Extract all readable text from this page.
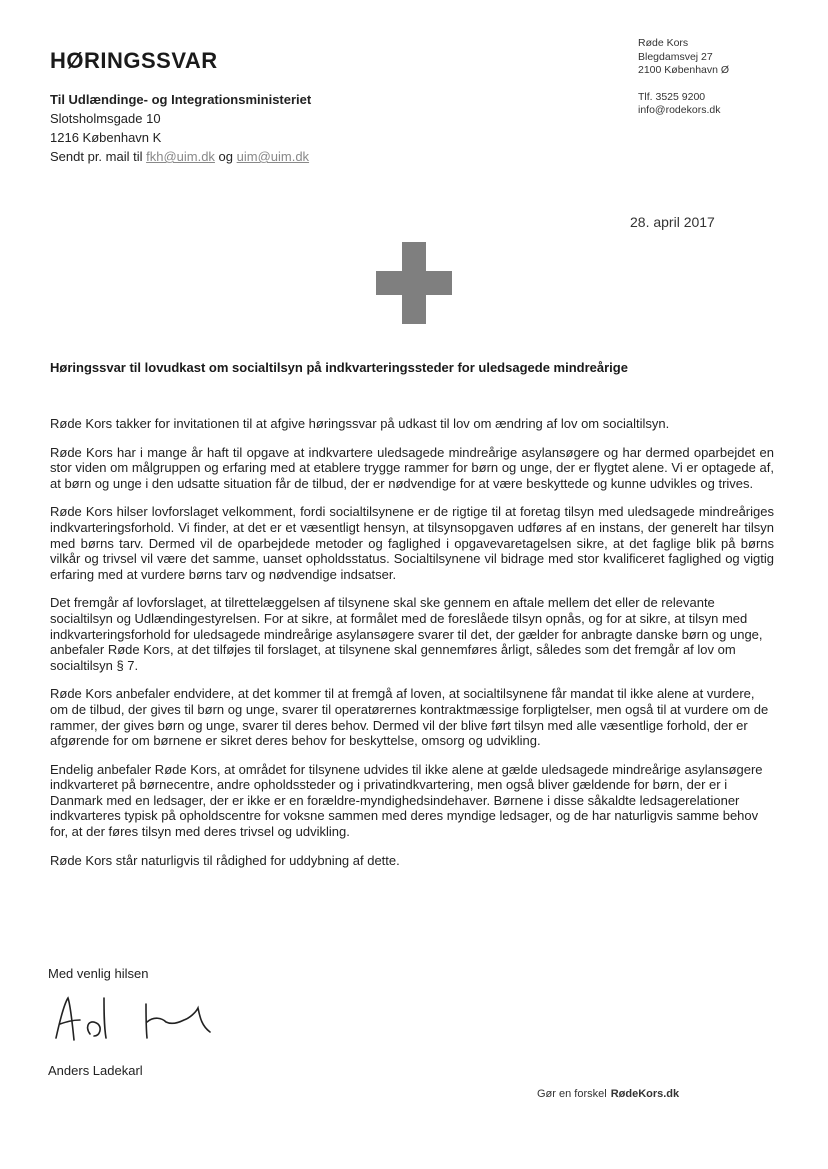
HØRINGSSVAR
Til Udlændinge- og Integrationsministeriet
Slotsholmsgade 10
1216 København K
Sendt pr. mail til fkh@uim.dk og uim@uim.dk
Røde Kors
Blegdamsvej 27
2100 København Ø
Tlf. 3525 9200
info@rodekors.dk
28. april 2017
Høringssvar til lovudkast om socialtilsyn på indkvarteringssteder for uledsagede mindreårige

Røde Kors takker for invitationen til at afgive høringssvar på udkast til lov om ændring af lov om socialtilsyn.

Røde Kors har i mange år haft til opgave at indkvartere uledsagede mindreårige asylansøgere og har dermed oparbejdet en stor viden om målgruppen og erfaring med at etablere trygge rammer for børn og unge, der er flygtet alene. Vi er optagede af, at børn og unge i den udsatte situation får de tilbud, der er nødvendige for at være beskyttede og kunne udvikles og trives.

Røde Kors hilser lovforslaget velkomment, fordi socialtilsynene er de rigtige til at foretag tilsyn med uledsagede mindreåriges indkvarteringsforhold. Vi finder, at det er et væsentligt hensyn, at tilsynsopgaven udføres af en instans, der generelt har tilsyn med børns tarv. Dermed vil de oparbejdede metoder og faglighed i opgavevaretagelsen sikre, at det faglige blik på børns vilkår og trivsel vil være det samme, uanset opholdsstatus. Socialtilsynene vil bidrage med stor kvalificeret faglighed og vigtig erfaring med at vurdere børns tarv og nødvendige indsatser.

Det fremgår af lovforslaget, at tilrettelæggelsen af tilsynene skal ske gennem en aftale mellem det eller de relevante socialtilsyn og Udlændingestyrelsen. For at sikre, at formålet med de foreslåede tilsyn opnås, og for at sikre, at tilsyn med indkvarteringsforhold for uledsagede mindreårige asylansøgere svarer til det, der gælder for anbragte danske børn og unge, anbefaler Røde Kors, at det tilføjes til forslaget, at tilsynene skal gennemføres årligt, således som det fremgår af lov om socialtilsyn § 7.

Røde Kors anbefaler endvidere, at det kommer til at fremgå af loven, at socialtilsynene får mandat til ikke alene at vurdere, om de tilbud, der gives til børn og unge, svarer til operatørernes kontraktmæssige forpligtelser, men også til at vurdere om de rammer, der gives børn og unge, svarer til deres behov. Dermed vil der blive ført tilsyn med alle væsentlige forhold, der er afgørende for om børnene er sikret deres behov for beskyttelse, omsorg og udvikling.

Endelig anbefaler Røde Kors, at området for tilsynene udvides til ikke alene at gælde uledsagede mindreårige asylansøgere indkvarteret på børnecentre, andre opholdssteder og i privatindkvartering, men også bliver gældende for børn, der er i Danmark med en ledsager, der er ikke er en forældre-myndighedsindehaver. Børnene i disse såkaldte ledsagerelationer indkvarteres typisk på opholdscentre for voksne sammen med deres myndige ledsager, og de har naturligvis samme behov for, at der føres tilsyn med deres trivsel og udvikling.

Røde Kors står naturligvis til rådighed for uddybning af dette.

Med venlig hilsen
Anders Ladekarl
Gør en forskel RødeKors.dk
